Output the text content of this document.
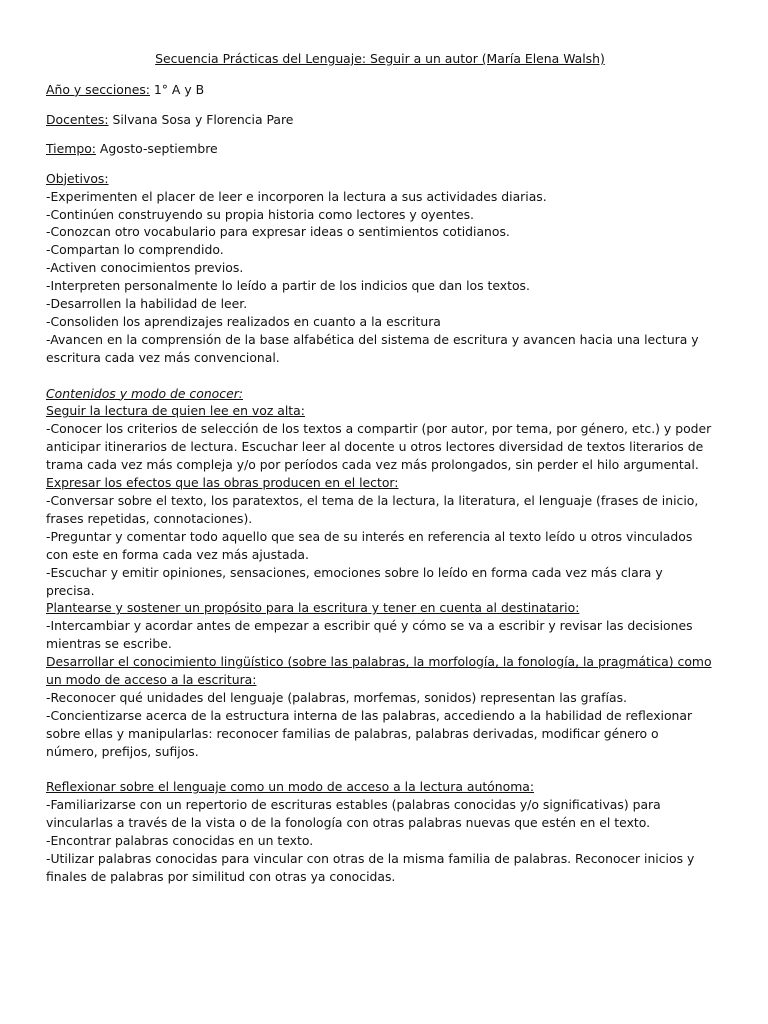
Secuencia Prácticas del Lenguaje: Seguir a un autor (María Elena Walsh)
Año y secciones: 1° A y B
Docentes: Silvana Sosa y Florencia Pare
Tiempo: Agosto-septiembre
Objetivos:
-Experimenten el placer de leer e incorporen la lectura a sus actividades diarias.
-Continúen construyendo su propia historia como lectores y oyentes.
-Conozcan otro vocabulario para expresar ideas o sentimientos cotidianos.
-Compartan lo comprendido.
-Activen conocimientos previos.
-Interpreten personalmente lo leído a partir de los indicios que dan los textos.
-Desarrollen la habilidad de leer.
-Consoliden los aprendizajes realizados en cuanto a la escritura
-Avancen en la comprensión de la base alfabética del sistema de escritura y avancen hacia una lectura y escritura cada vez más convencional.
Contenidos y modo de conocer:
Seguir la lectura de quien lee en voz alta:
-Conocer los criterios de selección de los textos a compartir (por autor, por tema, por género, etc.) y poder anticipar itinerarios de lectura. Escuchar leer al docente u otros lectores diversidad de textos literarios de trama cada vez más compleja y/o por períodos cada vez más prolongados, sin perder el hilo argumental.
Expresar los efectos que las obras producen en el lector:
-Conversar sobre el texto, los paratextos, el tema de la lectura, la literatura, el lenguaje (frases de inicio, frases repetidas, connotaciones).
-Preguntar y comentar todo aquello que sea de su interés en referencia al texto leído u otros vinculados con este en forma cada vez más ajustada.
-Escuchar y emitir opiniones, sensaciones, emociones sobre lo leído en forma cada vez más clara y precisa.
Plantearse y sostener un propósito para la escritura y tener en cuenta al destinatario:
-Intercambiar y acordar antes de empezar a escribir qué y cómo se va a escribir y revisar las decisiones mientras se escribe.
Desarrollar el conocimiento lingüístico (sobre las palabras, la morfología, la fonología, la pragmática) como un modo de acceso a la escritura:
-Reconocer qué unidades del lenguaje (palabras, morfemas, sonidos) representan las grafías.
-Concientizarse acerca de la estructura interna de las palabras, accediendo a la habilidad de reflexionar sobre ellas y manipularlas: reconocer familias de palabras, palabras derivadas, modificar género o número, prefijos, sufijos.
Reflexionar sobre el lenguaje como un modo de acceso a la lectura autónoma:
-Familiarizarse con un repertorio de escrituras estables (palabras conocidas y/o significativas) para vincularlas a través de la vista o de la fonología con otras palabras nuevas que estén en el texto.
-Encontrar palabras conocidas en un texto.
-Utilizar palabras conocidas para vincular con otras de la misma familia de palabras. Reconocer inicios y finales de palabras por similitud con otras ya conocidas.
